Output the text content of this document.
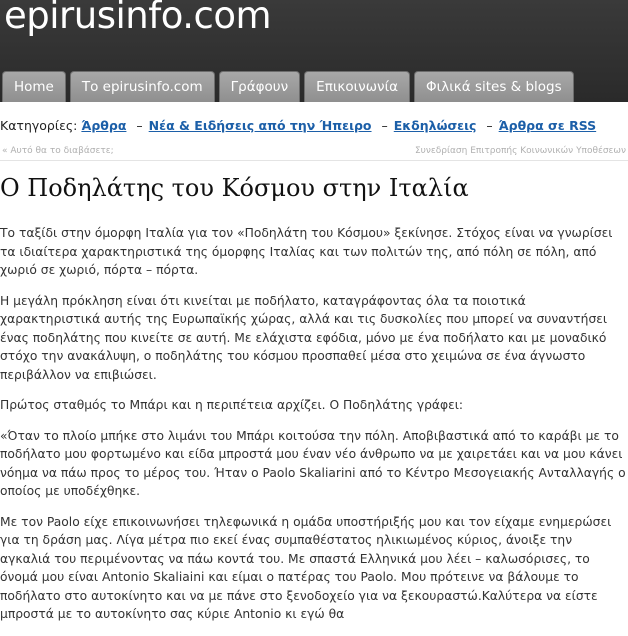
epirusinfo.com
Home	Το epirusinfo.com	Γράφουν	Επικοινωνία	Φιλικά sites & blogs
Κατηγορίες: Άρθρα – Νέα & Ειδήσεις από την Ήπειρο – Εκδηλώσεις – Άρθρα σε RSS
« Αυτό θα το διαβάσετε;	Συνεδρίαση Επιτροπής Κοινωνικών Υποθέσεων
Ο Ποδηλάτης του Κόσμου στην Ιταλία

Το ταξίδι στην όμορφη Ιταλία για τον «Ποδηλάτη του Κόσμου» ξεκίνησε. Στόχος είναι να γνωρίσει τα ιδιαίτερα χαρακτηριστικά της όμορφης Ιταλίας και των πολιτών της, από πόλη σε πόλη, από χωριό σε χωριό, πόρτα – πόρτα.

Η μεγάλη πρόκληση είναι ότι κινείται με ποδήλατο, καταγράφοντας όλα τα ποιοτικά χαρακτηριστικά αυτής της Ευρωπαϊκής χώρας, αλλά και τις δυσκολίες που μπορεί να συναντήσει ένας ποδηλάτης που κινείτε σε αυτή. Με ελάχιστα εφόδια, μόνο με ένα ποδήλατο και με μοναδικό στόχο την ανακάλυψη, ο ποδηλάτης του κόσμου προσπαθεί μέσα στο χειμώνα σε ένα άγνωστο περιβάλλον να επιβιώσει.

Πρώτος σταθμός το Μπάρι και η περιπέτεια αρχίζει. Ο Ποδηλάτης γράφει:

«Όταν το πλοίο μπήκε στο λιμάνι του Μπάρι κοιτούσα την πόλη. Αποβιβαστικά από το καράβι με το ποδήλατο μου φορτωμένο και είδα μπροστά μου έναν νέο άνθρωπο να με χαιρετάει και να μου κάνει νόημα να πάω προς το μέρος του. Ήταν ο Paolo Skaliarini από το Κέντρο Μεσογειακής Ανταλλαγής ο οποίος με υποδέχθηκε.

Με τον Paolo είχε επικοινωνήσει τηλεφωνικά η ομάδα υποστήριξής μου και τον είχαμε ενημερώσει για τη δράση μας. Λίγα μέτρα πιο εκεί ένας συμπαθέστατος ηλικιωμένος κύριος, άνοιξε την αγκαλιά του περιμένοντας να πάω κοντά του. Με σπαστά Ελληνικά μου λέει – καλωσόρισες, το όνομά μου είναι Antonio Skaliaini και είμαι ο πατέρας του Paolo. Μου πρότεινε να βάλουμε το ποδήλατο στο αυτοκίνητο και να με πάνε στο ξενοδοχείο για να ξεκουραστώ.Καλύτερα να είστε μπροστά με το αυτοκίνητο σας κύριε Antonio κι εγώ θα
